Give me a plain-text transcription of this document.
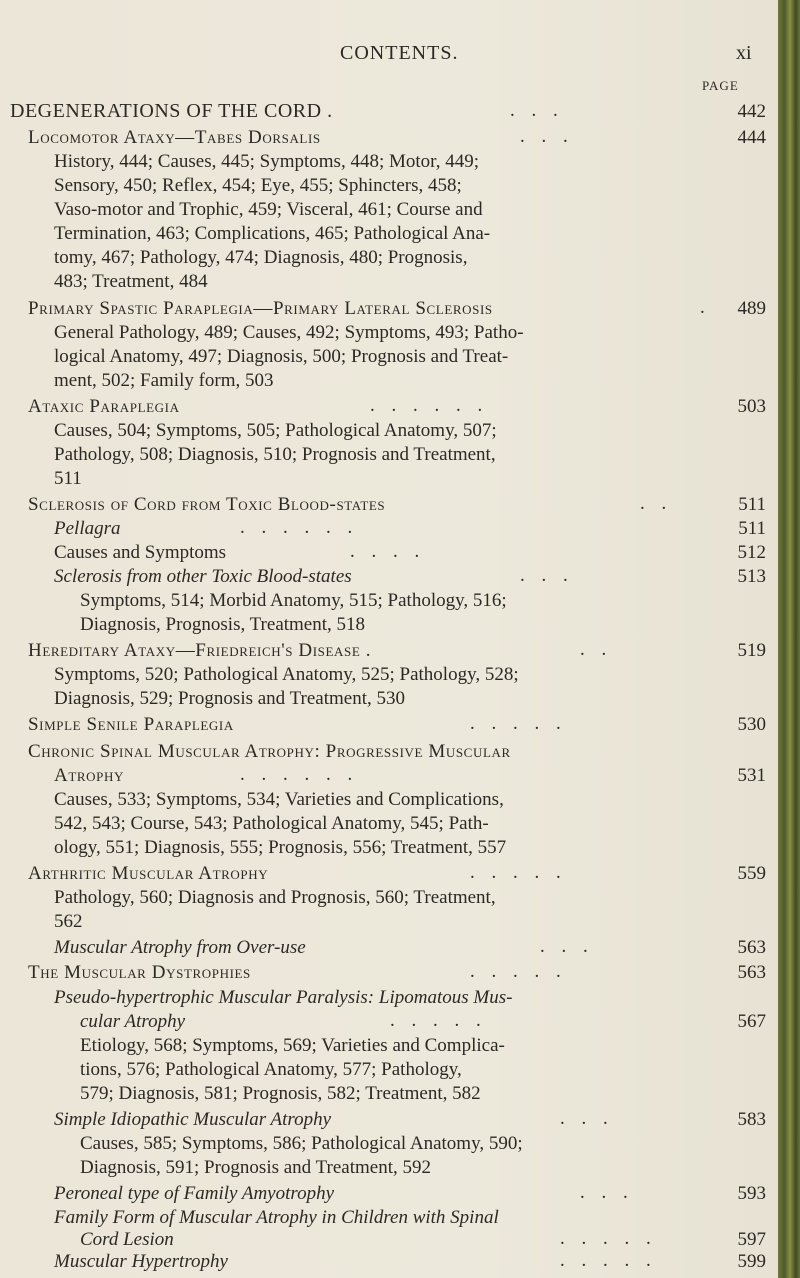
CONTENTS.	xi
PAGE
DEGENERATIONS OF THE CORD .	. . .	442
Locomotor Ataxy—Tabes Dorsalis	. . .	444
History, 444; Causes, 445; Symptoms, 448; Motor, 449;
Sensory, 450; Reflex, 454; Eye, 455; Sphincters, 458;
Vaso-motor and Trophic, 459; Visceral, 461; Course and
Termination, 463; Complications, 465; Pathological Ana-
tomy, 467; Pathology, 474; Diagnosis, 480; Prognosis,
483; Treatment, 484
Primary Spastic Paraplegia—Primary Lateral Sclerosis	.	489
General Pathology, 489; Causes, 492; Symptoms, 493; Patho-
logical Anatomy, 497; Diagnosis, 500; Prognosis and Treat-
ment, 502; Family form, 503
Ataxic Paraplegia	. . . . . .	503
Causes, 504; Symptoms, 505; Pathological Anatomy, 507;
Pathology, 508; Diagnosis, 510; Prognosis and Treatment,
511
Sclerosis of Cord from Toxic Blood-states	. .	511
Pellagra	. . . . . .	511
Causes and Symptoms	. . . .	512
Sclerosis from other Toxic Blood-states	. . .	513
Symptoms, 514; Morbid Anatomy, 515; Pathology, 516;
Diagnosis, Prognosis, Treatment, 518
Hereditary Ataxy—Friedreich's Disease .	. .	519
Symptoms, 520; Pathological Anatomy, 525; Pathology, 528;
Diagnosis, 529; Prognosis and Treatment, 530
Simple Senile Paraplegia	. . . . .	530
Chronic Spinal Muscular Atrophy: Progressive Muscular
Atrophy	. . . . . .	531
Causes, 533; Symptoms, 534; Varieties and Complications,
542, 543; Course, 543; Pathological Anatomy, 545; Path-
ology, 551; Diagnosis, 555; Prognosis, 556; Treatment, 557
Arthritic Muscular Atrophy	. . . . .	559
Pathology, 560; Diagnosis and Prognosis, 560; Treatment,
562
Muscular Atrophy from Over-use	. . .	563
The Muscular Dystrophies	. . . . .	563
Pseudo-hypertrophic Muscular Paralysis: Lipomatous Mus-
cular Atrophy	. . . . .	567
Etiology, 568; Symptoms, 569; Varieties and Complica-
tions, 576; Pathological Anatomy, 577; Pathology,
579; Diagnosis, 581; Prognosis, 582; Treatment, 582
Simple Idiopathic Muscular Atrophy	. . .	583
Causes, 585; Symptoms, 586; Pathological Anatomy, 590;
Diagnosis, 591; Prognosis and Treatment, 592
Peroneal type of Family Amyotrophy	. . .	593
Family Form of Muscular Atrophy in Children with Spinal
Cord Lesion	. . . . .	597
Muscular Hypertrophy	. . . . .	599
